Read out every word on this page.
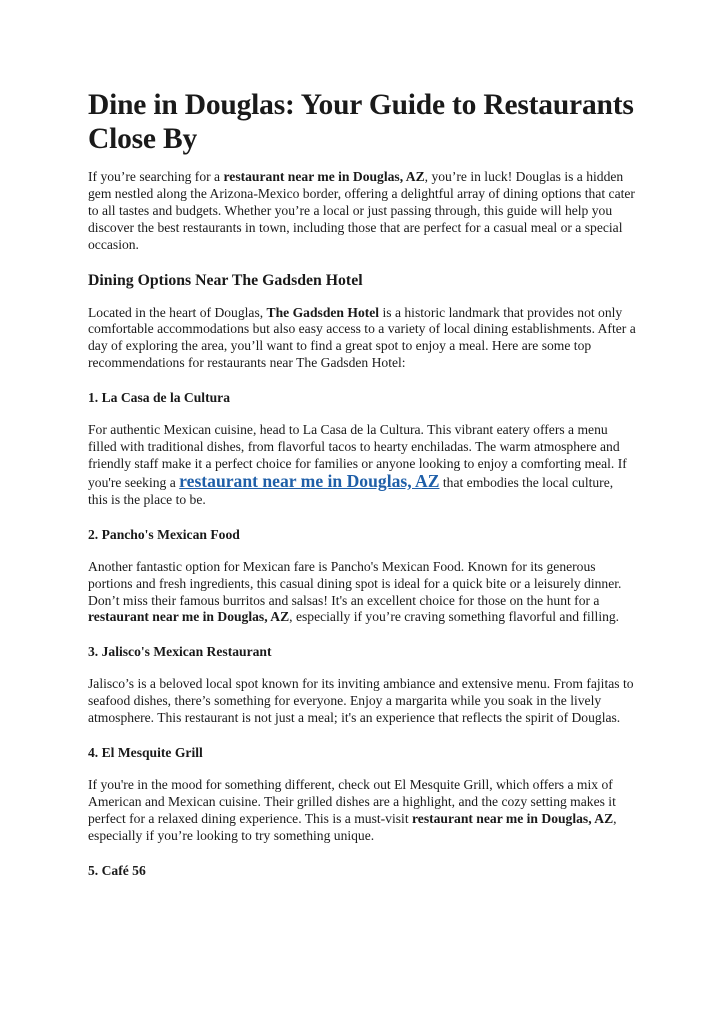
Dine in Douglas: Your Guide to Restaurants Close By

If you’re searching for a restaurant near me in Douglas, AZ, you’re in luck! Douglas is a hidden gem nestled along the Arizona-Mexico border, offering a delightful array of dining options that cater to all tastes and budgets. Whether you’re a local or just passing through, this guide will help you discover the best restaurants in town, including those that are perfect for a casual meal or a special occasion.

Dining Options Near The Gadsden Hotel

Located in the heart of Douglas, The Gadsden Hotel is a historic landmark that provides not only comfortable accommodations but also easy access to a variety of local dining establishments. After a day of exploring the area, you’ll want to find a great spot to enjoy a meal. Here are some top recommendations for restaurants near The Gadsden Hotel:

1. La Casa de la Cultura

For authentic Mexican cuisine, head to La Casa de la Cultura. This vibrant eatery offers a menu filled with traditional dishes, from flavorful tacos to hearty enchiladas. The warm atmosphere and friendly staff make it a perfect choice for families or anyone looking to enjoy a comforting meal. If you're seeking a restaurant near me in Douglas, AZ that embodies the local culture, this is the place to be.

2. Pancho's Mexican Food

Another fantastic option for Mexican fare is Pancho's Mexican Food. Known for its generous portions and fresh ingredients, this casual dining spot is ideal for a quick bite or a leisurely dinner. Don’t miss their famous burritos and salsas! It's an excellent choice for those on the hunt for a restaurant near me in Douglas, AZ, especially if you’re craving something flavorful and filling.

3. Jalisco's Mexican Restaurant

Jalisco’s is a beloved local spot known for its inviting ambiance and extensive menu. From fajitas to seafood dishes, there’s something for everyone. Enjoy a margarita while you soak in the lively atmosphere. This restaurant is not just a meal; it's an experience that reflects the spirit of Douglas.

4. El Mesquite Grill

If you're in the mood for something different, check out El Mesquite Grill, which offers a mix of American and Mexican cuisine. Their grilled dishes are a highlight, and the cozy setting makes it perfect for a relaxed dining experience. This is a must-visit restaurant near me in Douglas, AZ, especially if you’re looking to try something unique.

5. Café 56
